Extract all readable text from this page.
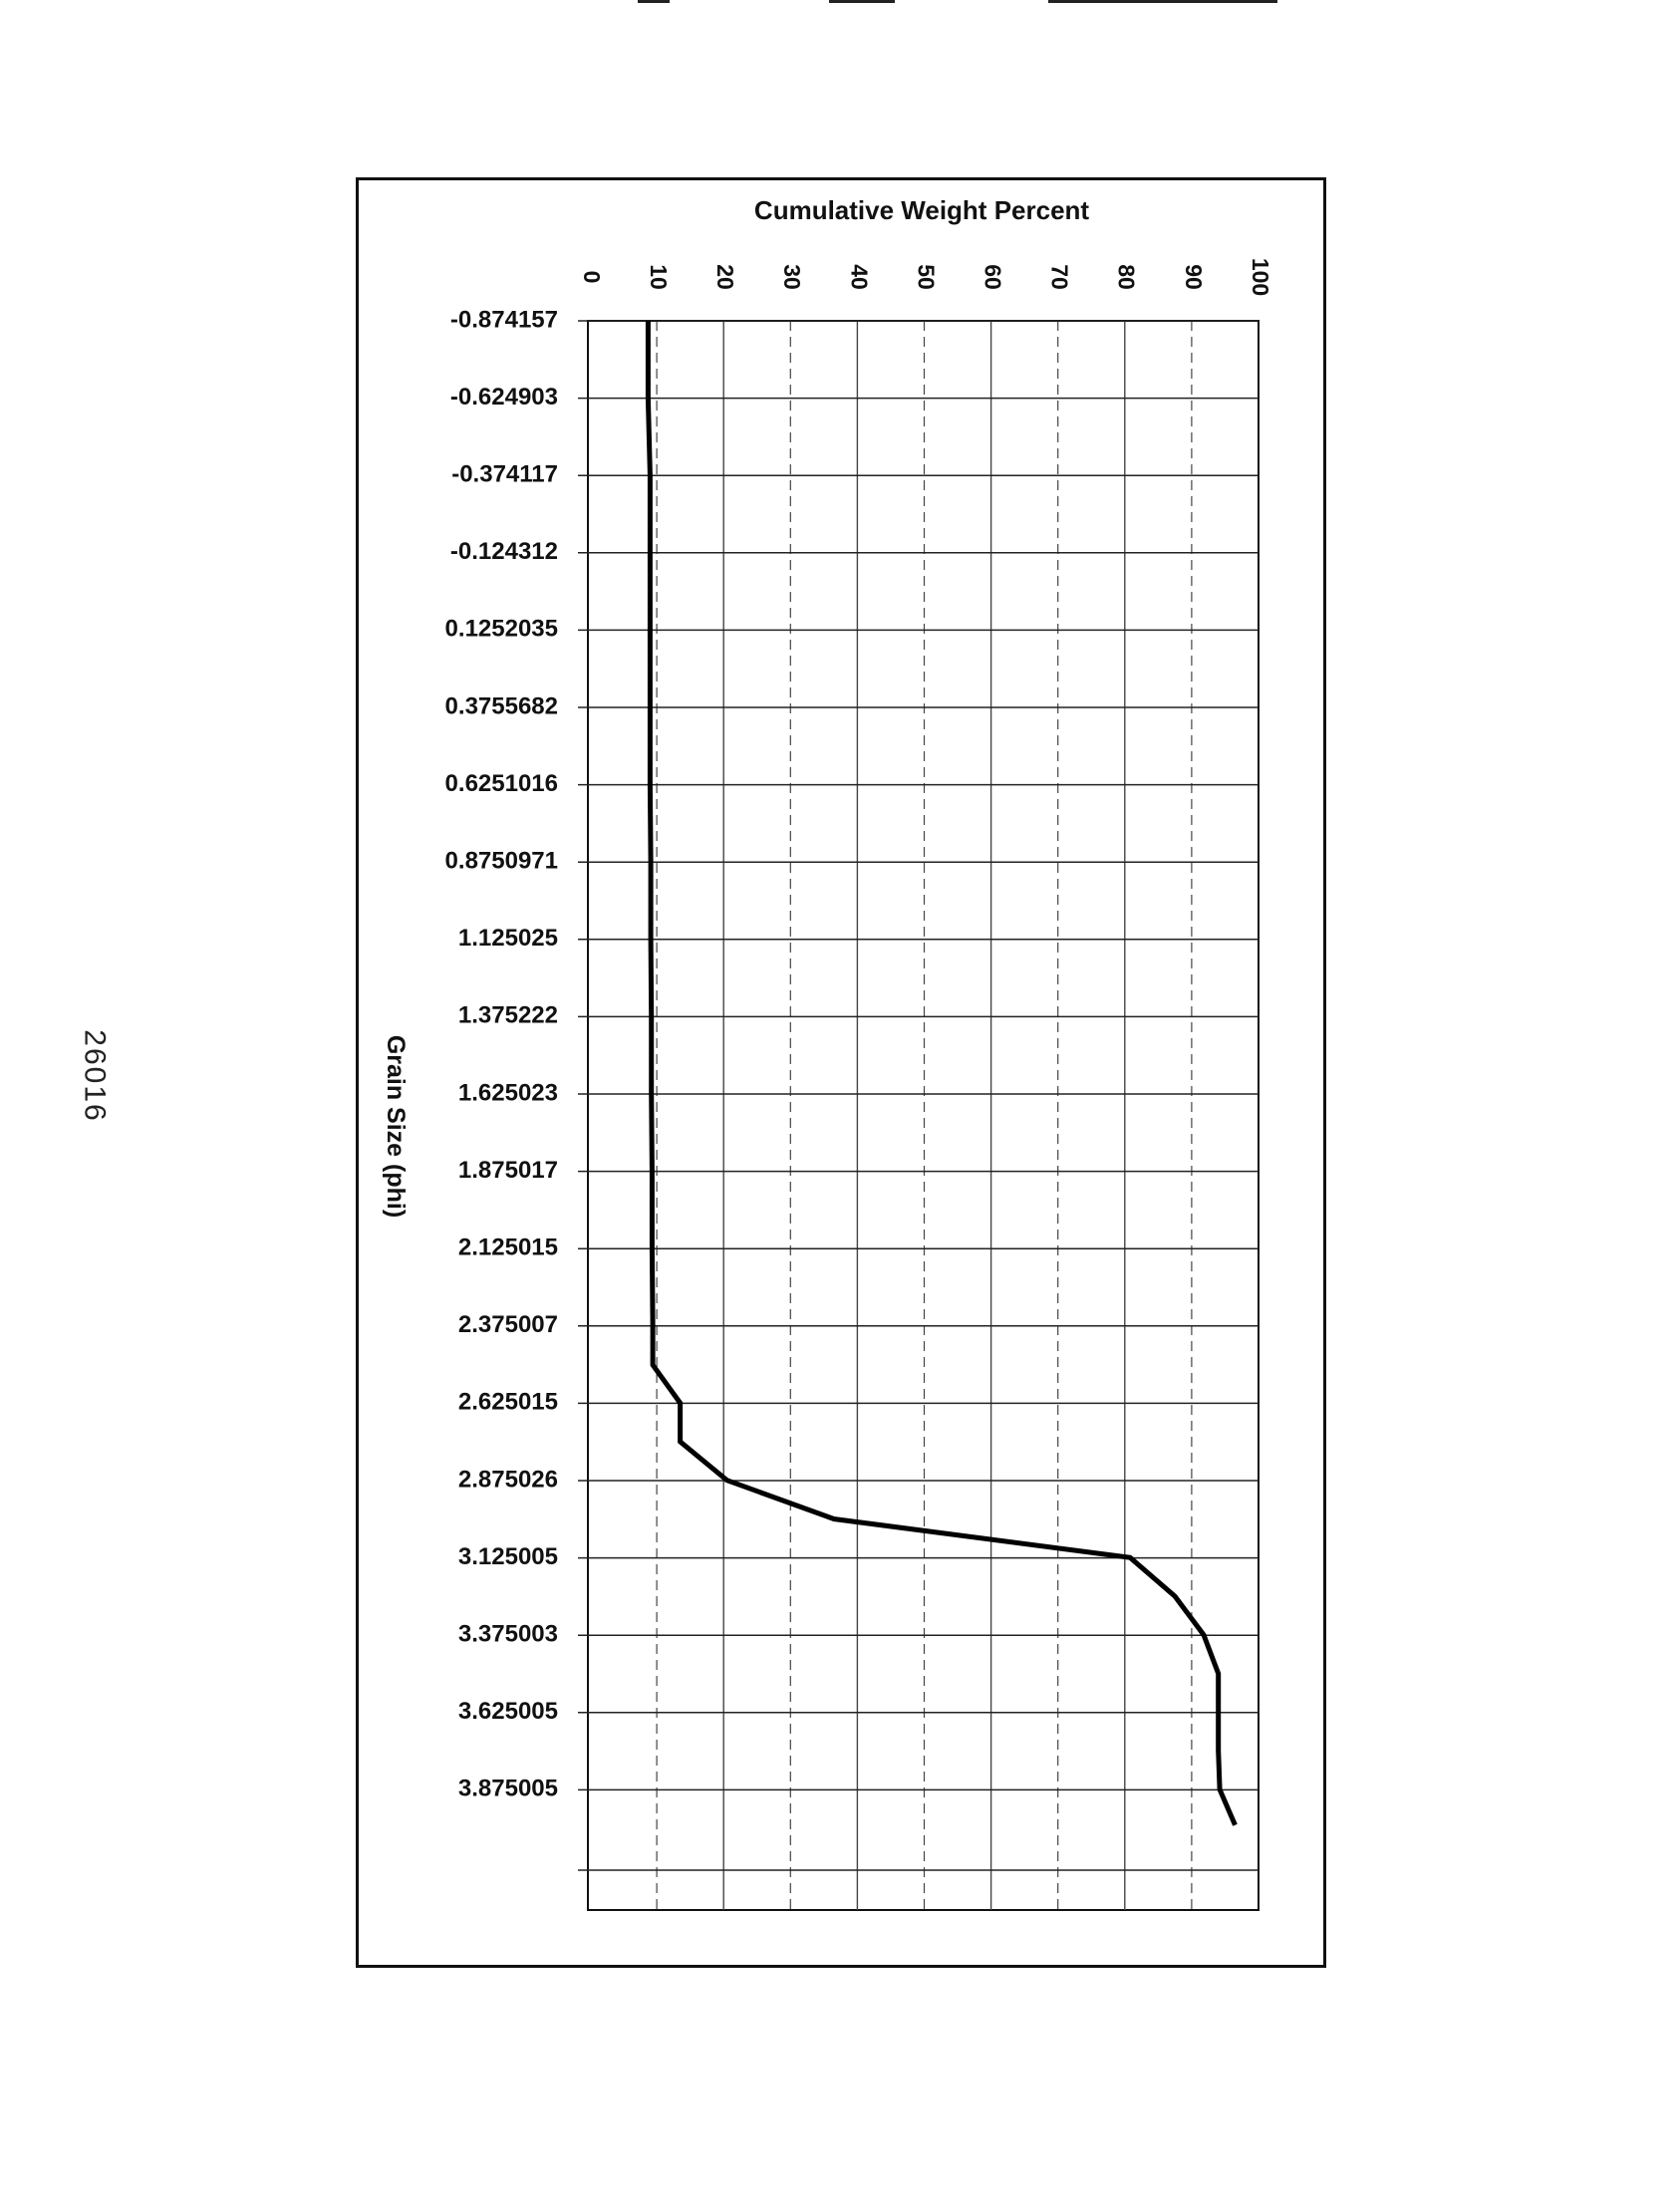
26016
Cumulative Weight Percent
Grain Size (phi)
0 10 20 30 40 50 60 70 80 90 100
-0.874157
-0.624903
-0.374117
-0.124312
0.1252035
0.3755682
0.6251016
0.8750971
1.125025
1.375222
1.625023
1.875017
2.125015
2.375007
2.625015
2.875026
3.125005
3.375003
3.625005
3.875005
